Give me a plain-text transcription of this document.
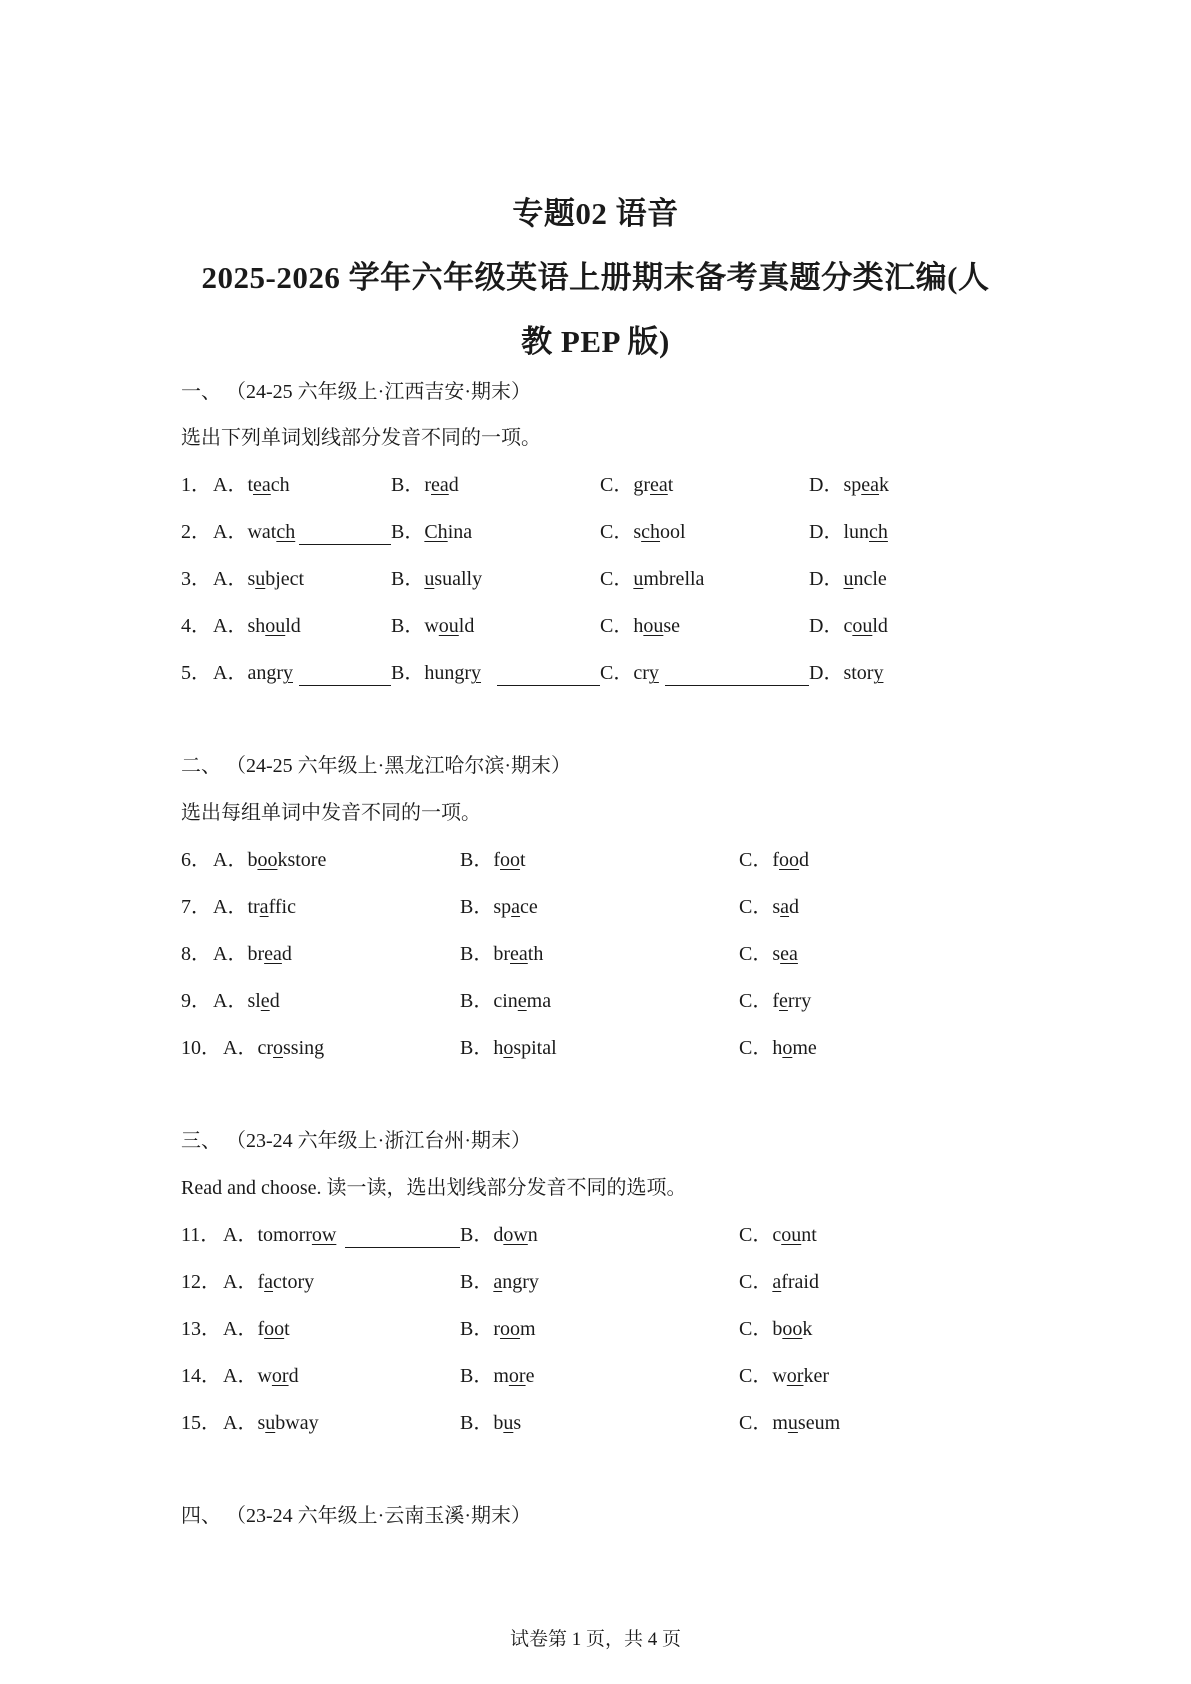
专题02 语音
2025-2026 学年六年级英语上册期末备考真题分类汇编(人
教 PEP 版)
一、 （24-25 六年级上·江西吉安·期末）
选出下列单词划线部分发音不同的一项。
1． A．teach	B．read	C．great	D．speak
2． A．watch	B．China	C．school	D．lunch
3． A．subject	B．usually	C．umbrella	D．uncle
4． A．should	B．would	C．house	D．could
5． A．angry	B．hungry	C．cry	D．story
二、 （24-25 六年级上·黑龙江哈尔滨·期末）
选出每组单词中发音不同的一项。
6． A．bookstore	B．foot	C．food
7． A．traffic	B．space	C．sad
8． A．bread	B．breath	C．sea
9． A．sled	B．cinema	C．ferry
10． A．crossing	B．hospital	C．home
三、 （23-24 六年级上·浙江台州·期末）
Read and choose. 读一读，选出划线部分发音不同的选项。
11． A．tomorrow	B．down	C．count
12． A．factory	B．angry	C．afraid
13． A．foot	B．room	C．book
14． A．word	B．more	C．worker
15． A．subway	B．bus	C．museum
四、 （23-24 六年级上·云南玉溪·期末）
试卷第 1 页，共 4 页
